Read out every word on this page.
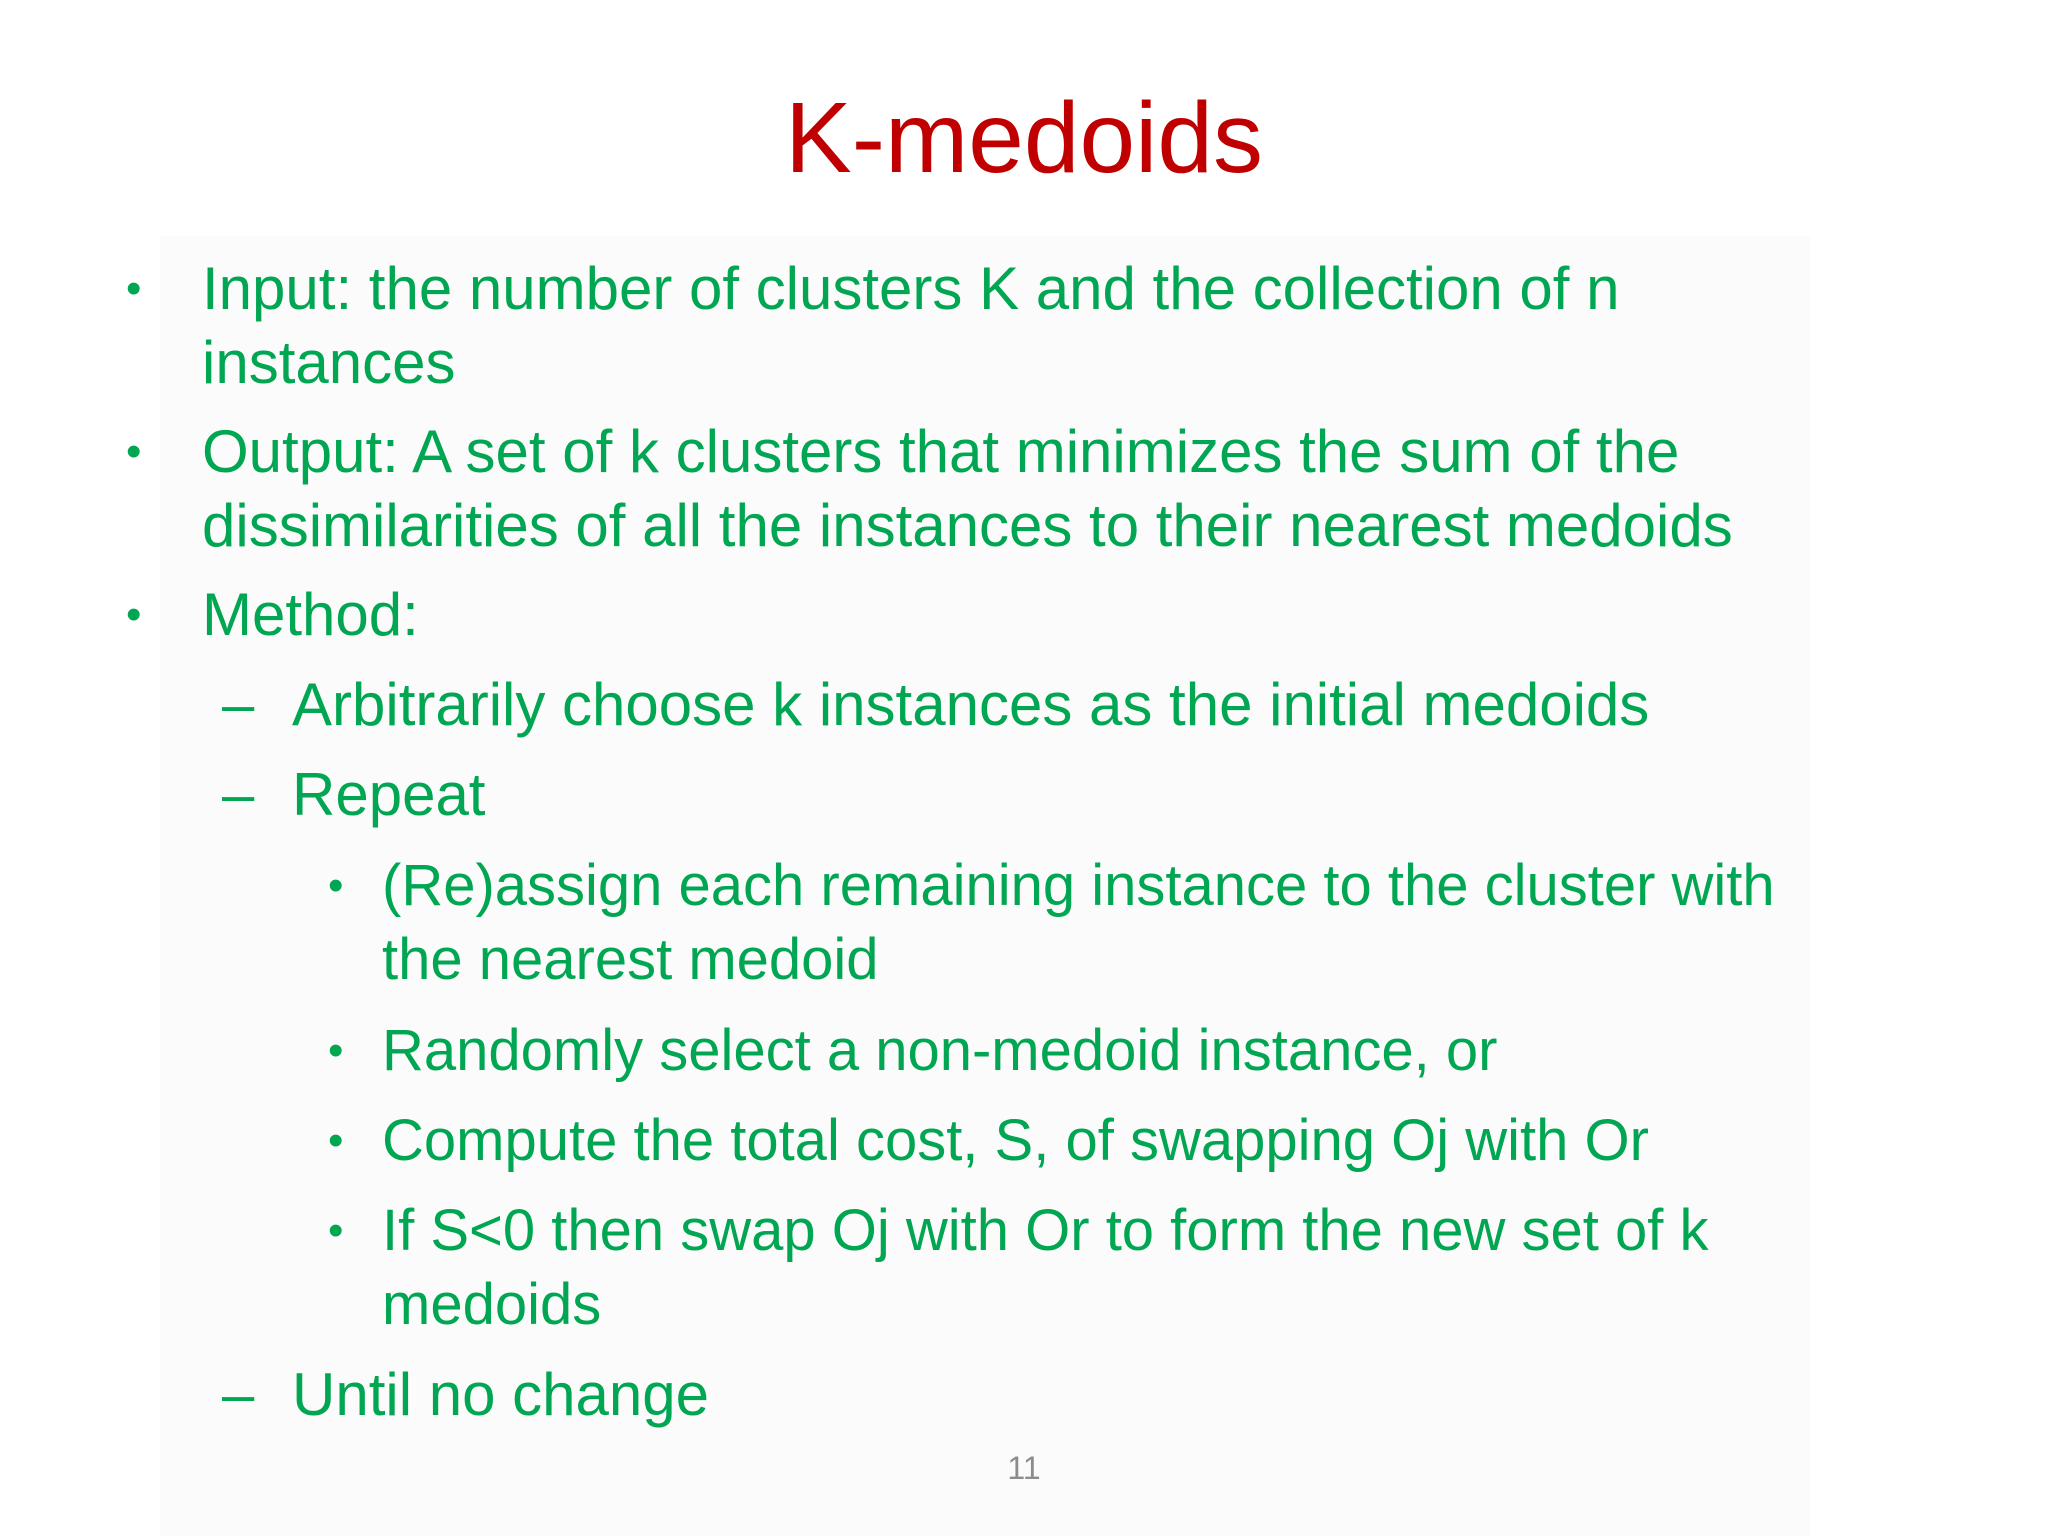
K-medoids
• Input: the number of clusters K and the collection of n
instances
• Output: A set of k clusters that minimizes the sum of the
dissimilarities of all the instances to their nearest medoids
• Method:
– Arbitrarily choose k instances as the initial medoids
– Repeat
• (Re)assign each remaining instance to the cluster with
the nearest medoid
• Randomly select a non-medoid instance, or
• Compute the total cost, S, of swapping Oj with Or
• If S<0 then swap Oj with Or to form the new set of k
medoids
– Until no change
11
